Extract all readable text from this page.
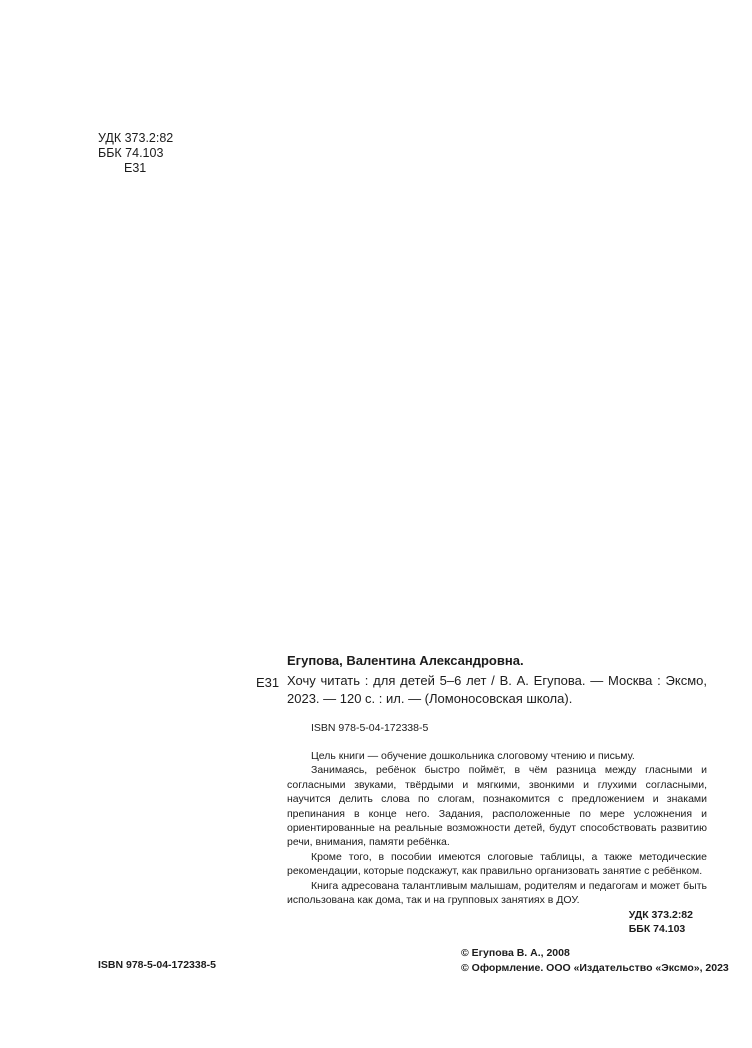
УДК 373.2:82
ББК 74.103
Е31
Е31
Егупова, Валентина Александровна.
Хочу читать : для детей 5–6 лет / В. А. Егупова. — Москва : Эксмо, 2023. — 120 с. : ил. — (Ломоносовская школа).
ISBN 978-5-04-172338-5

Цель книги — обучение дошкольника слоговому чтению и письму.

Занимаясь, ребёнок быстро поймёт, в чём разница между гласными и согласными звуками, твёрдыми и мягкими, звонкими и глухими согласными, научится делить слова по слогам, познакомится с предложением и знаками препинания в конце него. Задания, расположенные по мере усложнения и ориентированные на реальные возможности детей, будут способствовать развитию речи, внимания, памяти ребёнка.

Кроме того, в пособии имеются слоговые таблицы, а также методические рекомендации, которые подскажут, как правильно организовать занятие с ребёнком.

Книга адресована талантливым малышам, родителям и педагогам и может быть использована как дома, так и на групповых занятиях в ДОУ.

УДК 373.2:82
ББК 74.103
ISBN 978-5-04-172338-5
© Егупова В. А., 2008
© Оформление. ООО «Издательство «Эксмо», 2023
